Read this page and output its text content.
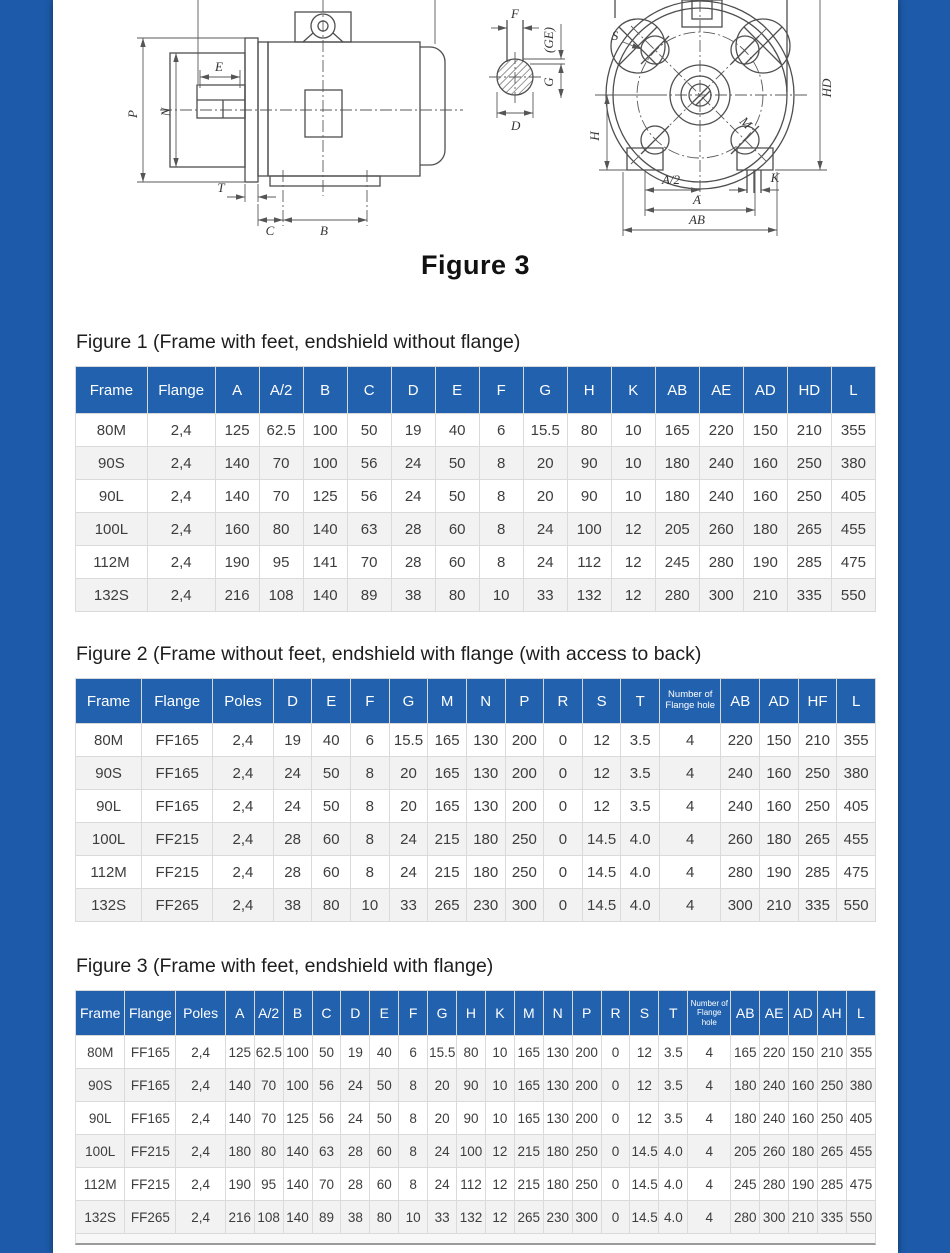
E
P N
T
C	B
F
(GE)
G
D
S
M
H
HD
A/2	K
A
AB
Figure 3
Figure 1 (Frame with feet, endshield without flange)
Frame	Flange	A	A/2	B	C	D	E	F	G	H	K	AB	AE	AD	HD	L
80M	2,4	125	62.5	100	50	19	40	6	15.5	80	10	165	220	150	210	355
90S	2,4	140	70	100	56	24	50	8	20	90	10	180	240	160	250	380
90L	2,4	140	70	125	56	24	50	8	20	90	10	180	240	160	250	405
100L	2,4	160	80	140	63	28	60	8	24	100	12	205	260	180	265	455
112M	2,4	190	95	141	70	28	60	8	24	112	12	245	280	190	285	475
132S	2,4	216	108	140	89	38	80	10	33	132	12	280	300	210	335	550
Figure 2 (Frame without feet, endshield with flange (with access to back)
Frame	Flange	Poles	D	E	F	G	M	N	P	R	S	T	Number of Flange hole	AB	AD	HF	L
80M	FF165	2,4	19	40	6	15.5	165	130	200	0	12	3.5	4	220	150	210	355
90S	FF165	2,4	24	50	8	20	165	130	200	0	12	3.5	4	240	160	250	380
90L	FF165	2,4	24	50	8	20	165	130	200	0	12	3.5	4	240	160	250	405
100L	FF215	2,4	28	60	8	24	215	180	250	0	14.5	4.0	4	260	180	265	455
112M	FF215	2,4	28	60	8	24	215	180	250	0	14.5	4.0	4	280	190	285	475
132S	FF265	2,4	38	80	10	33	265	230	300	0	14.5	4.0	4	300	210	335	550
Figure 3 (Frame with feet, endshield with flange)
Frame	Flange	Poles	A	A/2	B	C	D	E	F	G	H	K	M	N	P	R	S	T	Number of Flange hole	AB	AE	AD	AH	L
80M	FF165	2,4	125	62.5	100	50	19	40	6	15.5	80	10	165	130	200	0	12	3.5	4	165	220	150	210	355
90S	FF165	2,4	140	70	100	56	24	50	8	20	90	10	165	130	200	0	12	3.5	4	180	240	160	250	380
90L	FF165	2,4	140	70	125	56	24	50	8	20	90	10	165	130	200	0	12	3.5	4	180	240	160	250	405
100L	FF215	2,4	180	80	140	63	28	60	8	24	100	12	215	180	250	0	14.5	4.0	4	205	260	180	265	455
112M	FF215	2,4	190	95	140	70	28	60	8	24	112	12	215	180	250	0	14.5	4.0	4	245	280	190	285	475
132S	FF265	2,4	216	108	140	89	38	80	10	33	132	12	265	230	300	0	14.5	4.0	4	280	300	210	335	550
